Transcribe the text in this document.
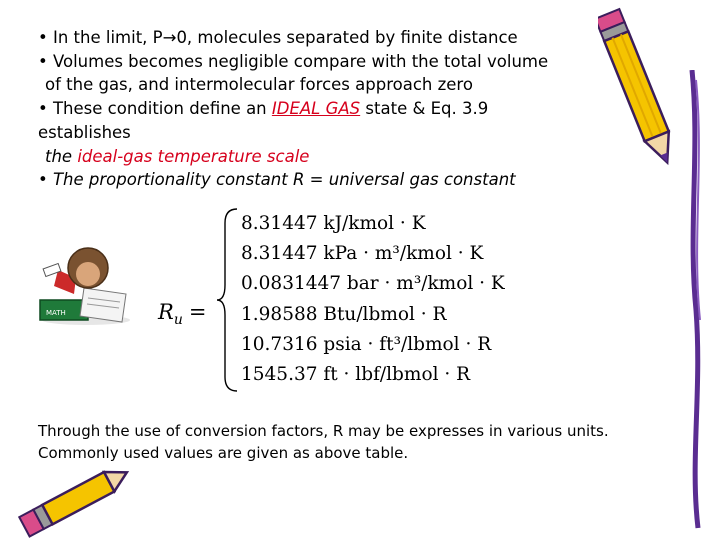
• In the limit, P→0, molecules separated by finite distance
• Volumes becomes negligible compare with the total volume
of the gas, and intermolecular forces approach zero
• These condition define an IDEAL GAS state & Eq. 3.9
establishes
the ideal-gas temperature scale
• The proportionality constant R = universal gas constant
$R_u$ =
8.31447 kJ/kmol · K
8.31447 kPa · m³/kmol · K
0.0831447 bar · m³/kmol · K
1.98588 Btu/lbmol · R
10.7316 psia · ft³/lbmol · R
1545.37 ft · lbf/lbmol · R
Through the use of conversion factors, R may be expresses in various units.
Commonly used values are given as above table.
MATH
